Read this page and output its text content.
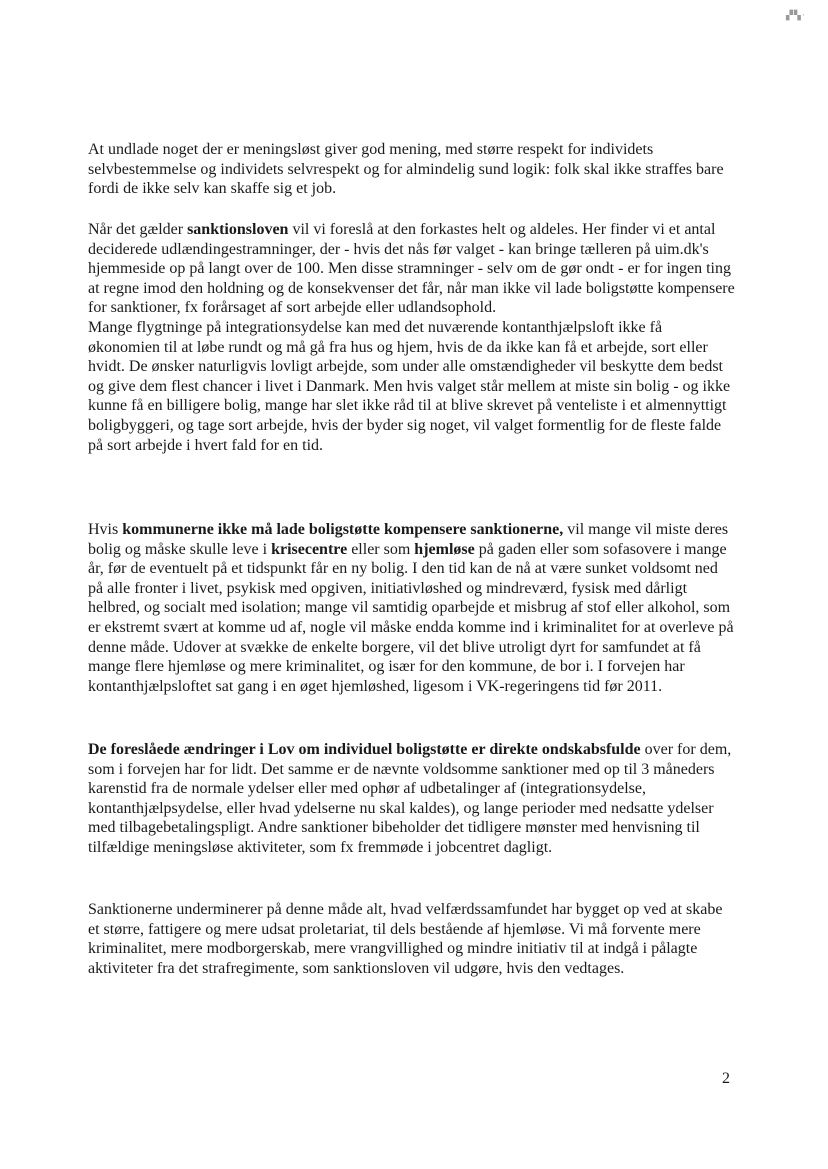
▞▚·
At undlade noget der er meningsløst giver god mening, med større respekt for individets selvbestemmelse og individets selvrespekt og for almindelig sund logik: folk skal ikke straffes bare fordi de ikke selv kan skaffe sig et job.
Når det gælder sanktionsloven vil vi foreslå at den forkastes helt og aldeles. Her finder vi et antal deciderede udlændingestramninger, der - hvis det nås før valget - kan bringe tælleren på uim.dk's hjemmeside op på langt over de 100. Men disse stramninger - selv om de gør ondt - er for ingen ting at regne imod den holdning og de konsekvenser det får, når man ikke vil lade boligstøtte kompensere for sanktioner, fx forårsaget af sort arbejde eller udlandsophold.
Mange flygtninge på integrationsydelse kan med det nuværende kontanthjælpsloft ikke få økonomien til at løbe rundt og må gå fra hus og hjem, hvis de da ikke kan få et arbejde, sort eller hvidt. De ønsker naturligvis lovligt arbejde, som under alle omstændigheder vil beskytte dem bedst og give dem flest chancer i livet i Danmark. Men hvis valget står mellem at miste sin bolig - og ikke kunne få en billigere bolig, mange har slet ikke råd til at blive skrevet på venteliste i et almennyttigt boligbyggeri, og tage sort arbejde, hvis der byder sig noget, vil valget formentlig for de fleste falde på sort arbejde i hvert fald for en tid.
Hvis kommunerne ikke må lade boligstøtte kompensere sanktionerne, vil mange vil miste deres bolig og måske skulle leve i krisecentre eller som hjemløse på gaden eller som sofasovere i mange år, før de eventuelt på et tidspunkt får en ny bolig. I den tid kan de nå at være sunket voldsomt ned på alle fronter i livet, psykisk med opgiven, initiativløshed og mindreværd, fysisk med dårligt helbred, og socialt med isolation; mange vil samtidig oparbejde et misbrug af stof eller alkohol, som er ekstremt svært at komme ud af, nogle vil måske endda komme ind i kriminalitet for at overleve på denne måde. Udover at svække de enkelte borgere, vil det blive utroligt dyrt for samfundet at få mange flere hjemløse og mere kriminalitet, og især for den kommune, de bor i. I forvejen har kontanthjælpsloftet sat gang i en øget hjemløshed, ligesom i VK-regeringens tid før 2011.
De foreslåede ændringer i Lov om individuel boligstøtte er direkte ondskabsfulde over for dem, som i forvejen har for lidt. Det samme er de nævnte voldsomme sanktioner med op til 3 måneders karenstid fra de normale ydelser eller med ophør af udbetalinger af (integrationsydelse, kontanthjælpsydelse, eller hvad ydelserne nu skal kaldes), og lange perioder med nedsatte ydelser med tilbagebetalingspligt. Andre sanktioner bibeholder det tidligere mønster med henvisning til tilfældige meningsløse aktiviteter, som fx fremmøde i jobcentret dagligt.
Sanktionerne underminerer på denne måde alt, hvad velfærdssamfundet har bygget op ved at skabe et større, fattigere og mere udsat proletariat, til dels bestående af hjemløse. Vi må forvente mere kriminalitet, mere modborgerskab, mere vrangvillighed og mindre initiativ til at indgå i pålagte aktiviteter fra det strafregimente, som sanktionsloven vil udgøre, hvis den vedtages.
2
